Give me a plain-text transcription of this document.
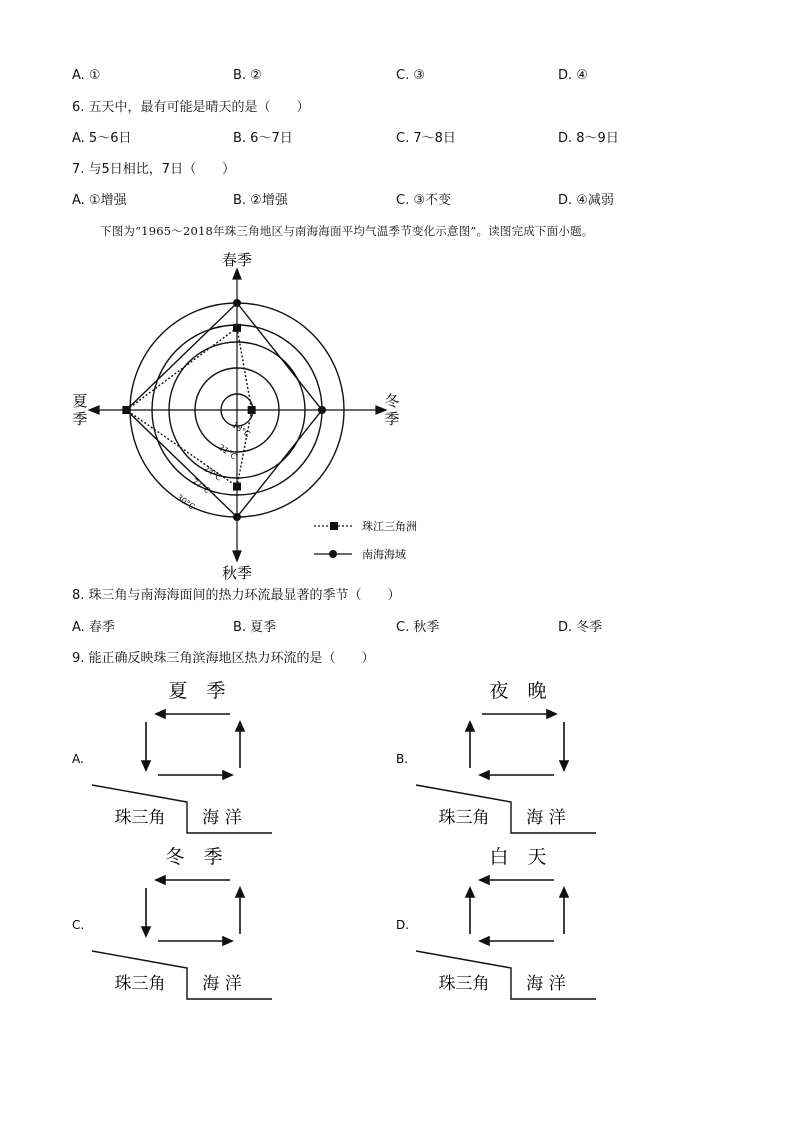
A. ①	B. ②	C. ③	D. ④
6. 五天中，最有可能是晴天的是（　　）
A. 5～6日	B. 6～7日	C. 7～8日	D. 8～9日
7. 与5日相比，7日（　　）
A. ①增强	B. ②增强	C. ③不变	D. ④减弱
下图为“1965～2018年珠三角地区与南海海面平均气温季节变化示意图”。读图完成下面小题。
18°C
21°C
24°C
27°C
30°C
春季
夏
季
冬
季
秋季
珠江三角洲
南海海域
8. 珠三角与南海海面间的热力环流最显著的季节（　　）
A. 春季	B. 夏季	C. 秋季	D. 冬季
9. 能正确反映珠三角滨海地区热力环流的是（　　）
A.
夏　季
珠三角 海 洋
B.
夜　晚
珠三角 海 洋
C.
冬　季
珠三角 海 洋
D.
白　天
珠三角 海 洋
